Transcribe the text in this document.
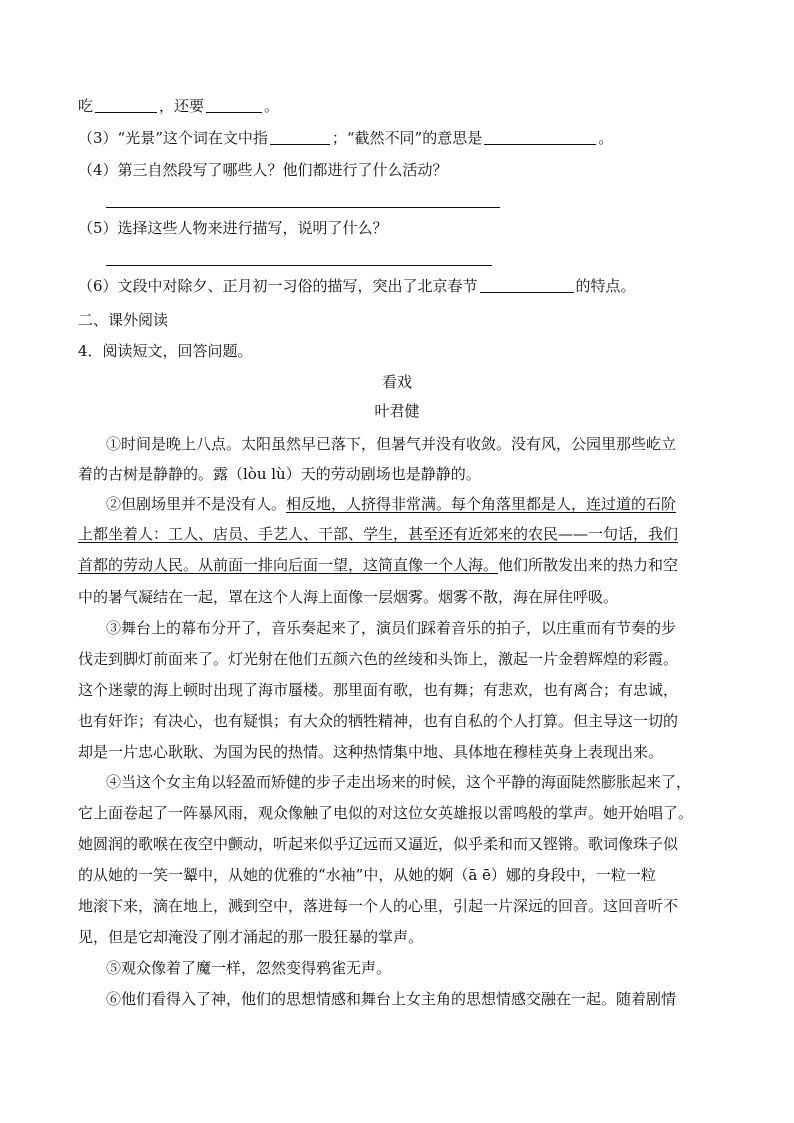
吃	，还要	。
（3）“光景”这个词在文中指	；“截然不同”的意思是	。
（4）第三自然段写了哪些人？他们都进行了什么活动？
（5）选择这些人物来进行描写，说明了什么？
（6）文段中对除夕、正月初一习俗的描写，突出了北京春节	的特点。
二、课外阅读
4．阅读短文，回答问题。
看戏
叶君健
①时间是晚上八点。太阳虽然早已落下，但暑气并没有收敛。没有风，公园里那些屹立
着的古树是静静的。露（lòu lù）天的劳动剧场也是静静的。
②但剧场里并不是没有人。相反地，人挤得非常满。每个角落里都是人，连过道的石阶
上都坐着人：工人、店员、手艺人、干部、学生，甚至还有近郊来的农民——一句话，我们
首都的劳动人民。从前面一排向后面一望，这简直像一个人海。他们所散发出来的热力和空
中的暑气凝结在一起，罩在这个人海上面像一层烟雾。烟雾不散，海在屏住呼吸。
③舞台上的幕布分开了，音乐奏起来了，演员们踩着音乐的拍子，以庄重而有节奏的步
伐走到脚灯前面来了。灯光射在他们五颜六色的丝绫和头饰上，激起一片金碧辉煌的彩霞。
这个迷蒙的海上顿时出现了海市蜃楼。那里面有歌，也有舞；有悲欢，也有离合；有忠诚，
也有奸诈；有决心，也有疑惧；有大众的牺牲精神，也有自私的个人打算。但主导这一切的
却是一片忠心耿耿、为国为民的热情。这种热情集中地、具体地在穆桂英身上表现出来。
④当这个女主角以轻盈而矫健的步子走出场来的时候，这个平静的海面陡然膨胀起来了，
它上面卷起了一阵暴风雨，观众像触了电似的对这位女英雄报以雷鸣般的掌声。她开始唱了。
她圆润的歌喉在夜空中颤动，听起来似乎辽远而又逼近，似乎柔和而又铿锵。歌词像珠子似
的从她的一笑一颦中，从她的优雅的“水袖”中，从她的婀（ā ē）娜的身段中，一粒一粒
地滚下来，滴在地上，溅到空中，落进每一个人的心里，引起一片深远的回音。这回音听不
见，但是它却淹没了刚才涌起的那一股狂暴的掌声。
⑤观众像着了魔一样，忽然变得鸦雀无声。
⑥他们看得入了神，他们的思想情感和舞台上女主角的思想情感交融在一起。随着剧情
